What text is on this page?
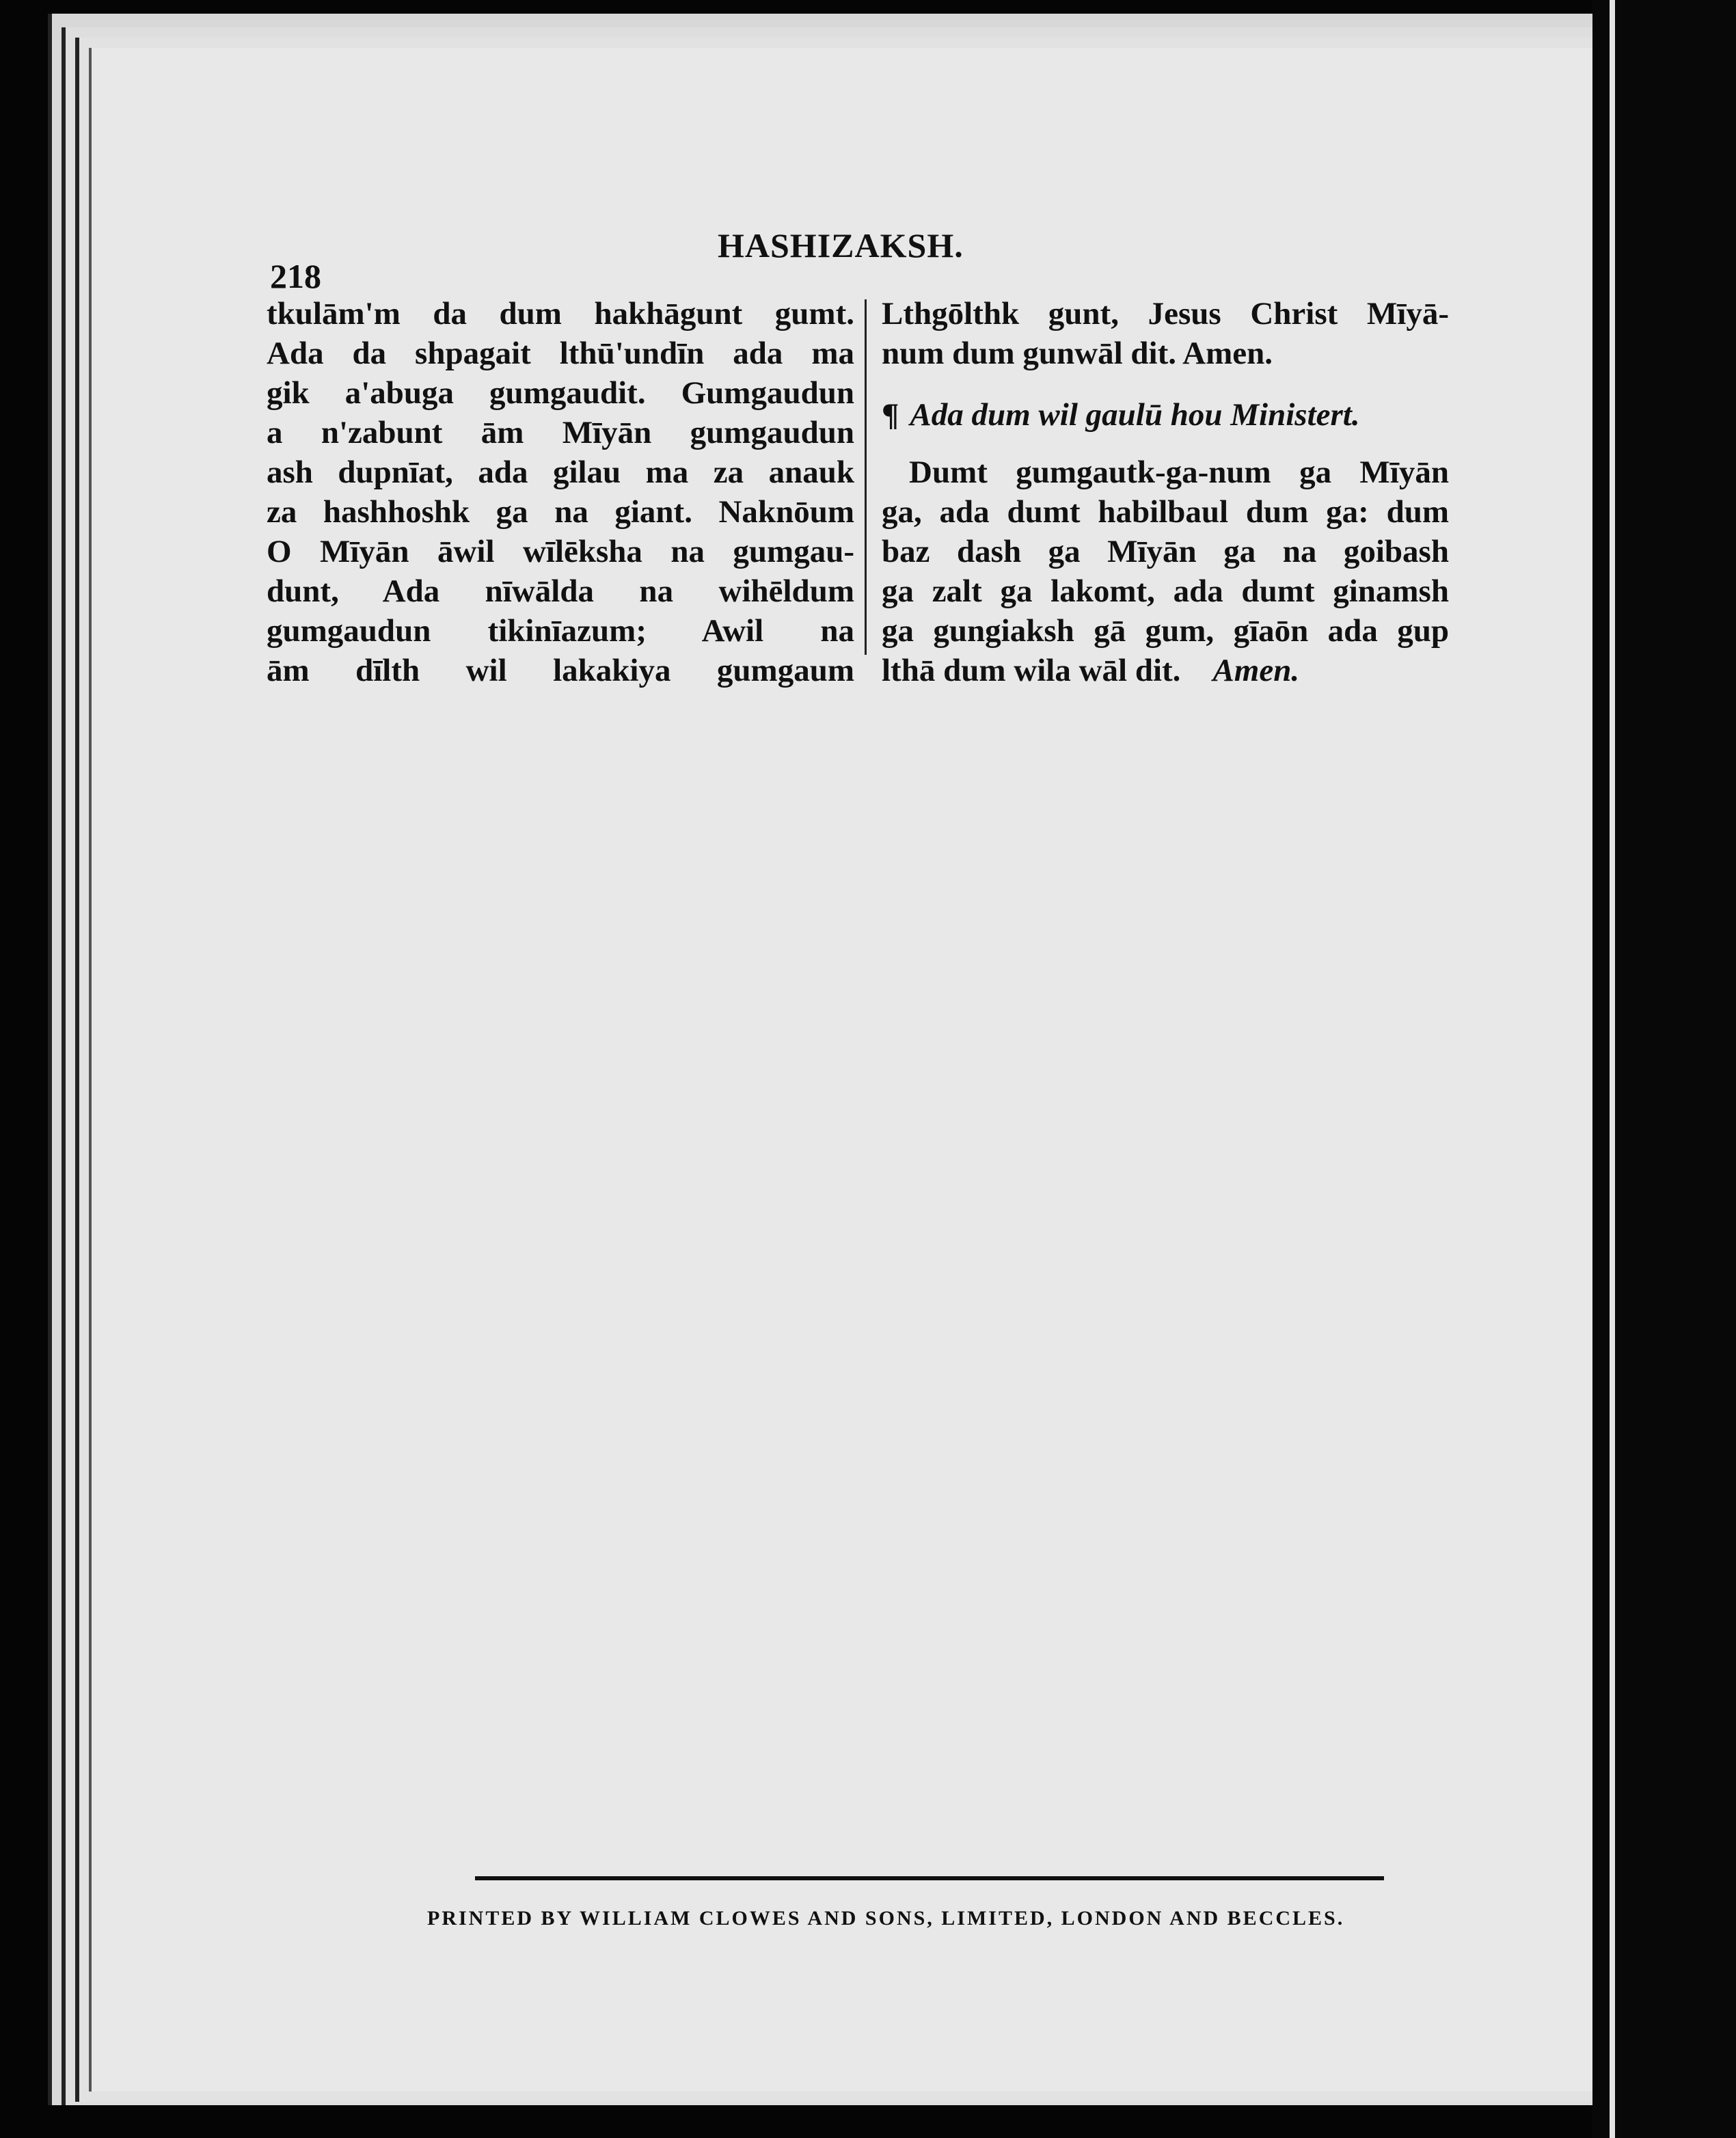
218
HASHIZAKSH.
tkulām'm da dum hakhāgunt gumt.
Ada da shpagait lthū'undīn ada ma
gik a'abuga gumgaudit. Gumgaudun
a n'zabunt ām Mīyān gumgaudun
ash dupnīat, ada gilau ma za anauk
za hashhoshk ga na giant. Naknōum
O Mīyān āwil wīlēksha na gumgau-
dunt, Ada nīwālda na wihēldum
gumgaudun tikinīazum; Awil na
ām dīlth wil lakakiya gumgaum
Lthgōlthk gunt, Jesus Christ Mīyā-
num dum gunwāl dit. Amen.
¶ Ada dum wil gaulū hou Ministert.
Dumt gumgautk-ga-num ga Mīyān
ga, ada dumt habilbaul dum ga: dum
baz dash ga Mīyān ga na goibash
ga zalt ga lakomt, ada dumt ginamsh
ga gungiaksh gā gum, gīaōn ada gup
lthā dum wila wāl dit. Amen.
PRINTED BY WILLIAM CLOWES AND SONS, LIMITED, LONDON AND BECCLES.
